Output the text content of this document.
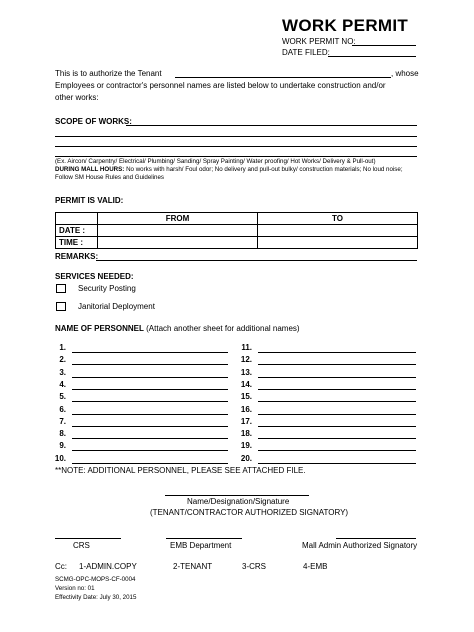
WORK PERMIT
WORK PERMIT NO:
DATE FILED:
This is to authorize the Tenant	, whose
Employees or contractor's personnel names are listed below to undertake construction and/or
other works:
SCOPE OF WORKS:
(Ex. Aircon/ Carpentry/ Electrical/ Plumbing/ Sanding/ Spray Painting/ Water proofing/ Hot Works/ Delivery & Pull-out)
DURING MALL HOURS: No works with harsh/ Foul odor; No delivery and pull-out bulky/ construction materials; No loud noise;
Follow SM House Rules and Guidelines
PERMIT IS VALID:
	FROM	TO
DATE :		
TIME :		
REMARKS:
SERVICES NEEDED:
Security Posting
Janitorial Deployment
NAME OF PERSONNEL (Attach another sheet for additional names)
1.
2.
3.
4.
5.
6.
7.
8.
9.
10.
11.
12.
13.
14.
15.
16.
17.
18.
19.
20.
**NOTE: ADDITIONAL PERSONNEL, PLEASE SEE ATTACHED FILE.
Name/Designation/Signature
(TENANT/CONTRACTOR AUTHORIZED SIGNATORY)
CRS	EMB Department	Mall Admin Authorized Signatory
Cc: 1-ADMIN.COPY	2-TENANT	3-CRS	4-EMB
SCMG-OPC-MOPS-CF-0004
Version no: 01
Effectivity Date: July 30, 2015
